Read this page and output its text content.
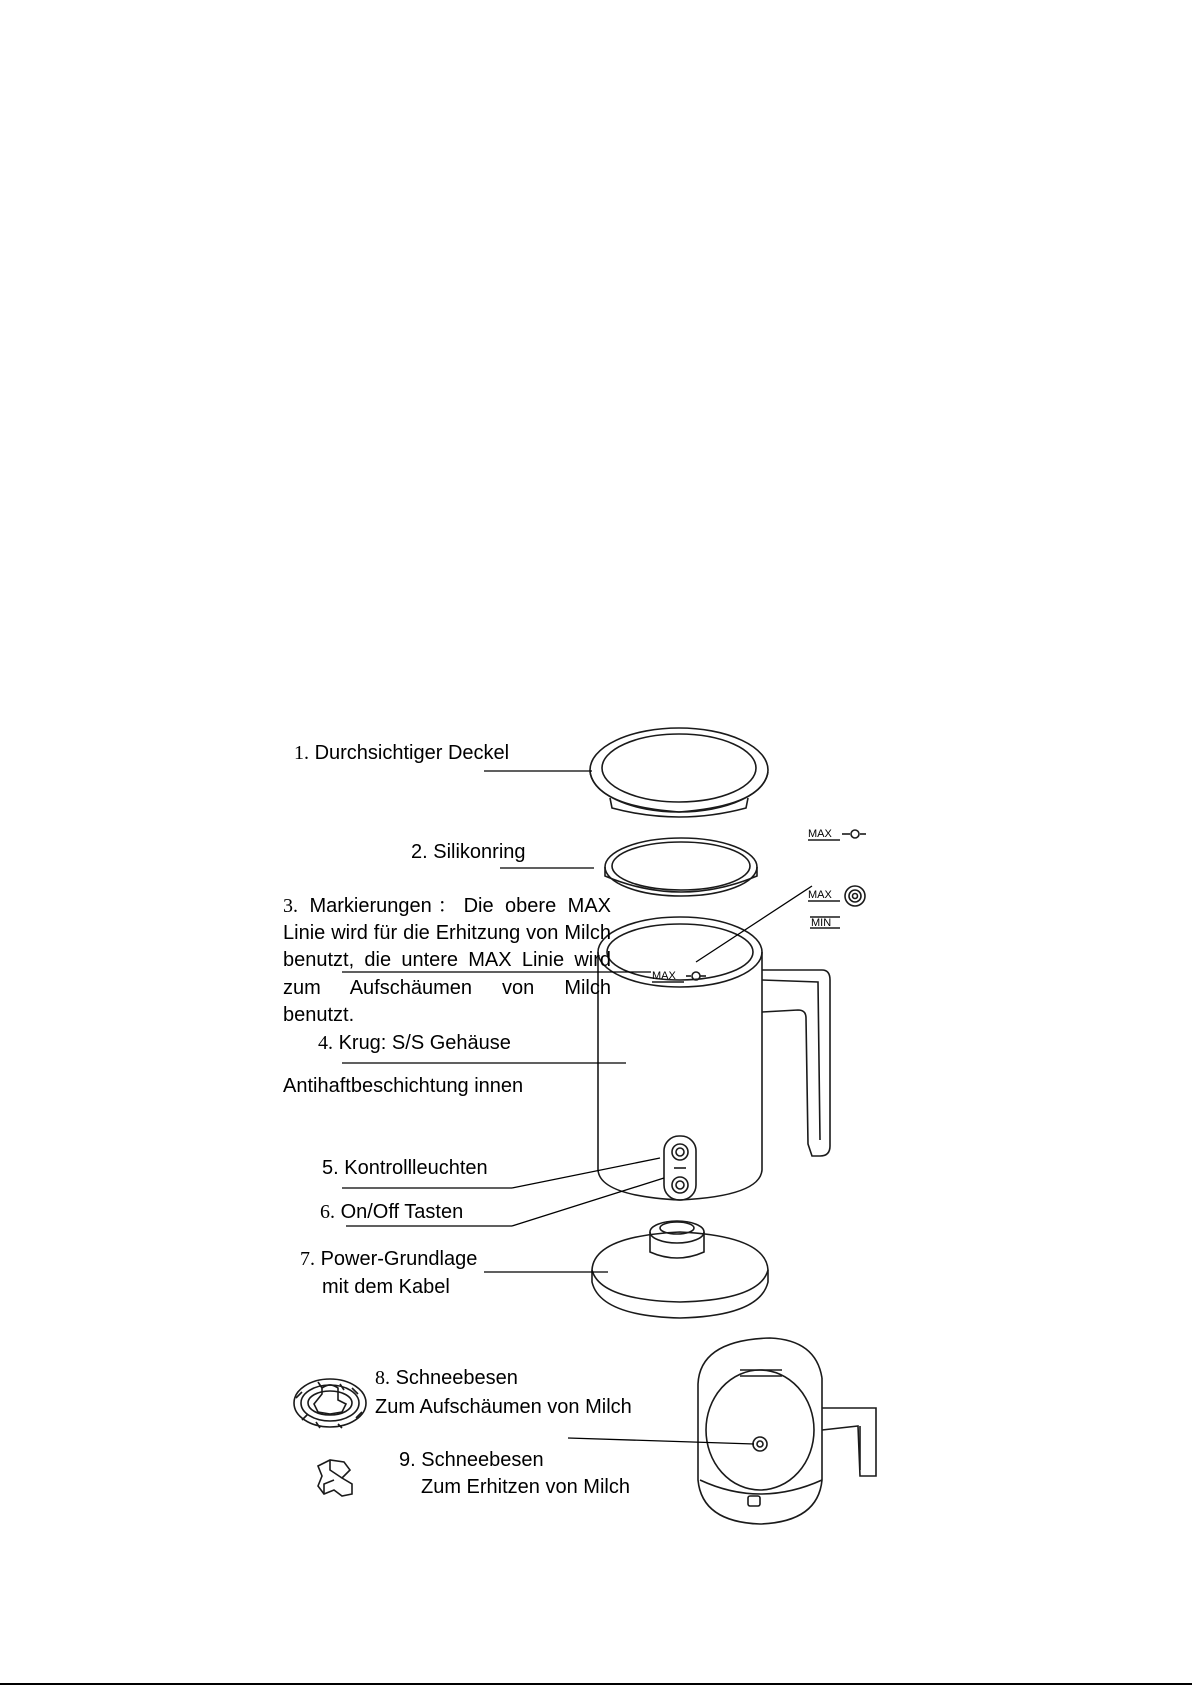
MAX
MAX
MIN
MAX
1. Durchsichtiger Deckel
2. Silikonring
3. Markierungen：Die obere MAX Linie wird für die Erhitzung von Milch benutzt, die untere MAX Linie wird zum Aufschäumen von Milch benutzt.
4. Krug: S/S Gehäuse
Antihaftbeschichtung innen
5. Kontrollleuchten
6. On/Off Tasten
7. Power-Grundlage
mit dem Kabel
8. Schneebesen
Zum Aufschäumen von Milch
9. Schneebesen
Zum Erhitzen von Milch
